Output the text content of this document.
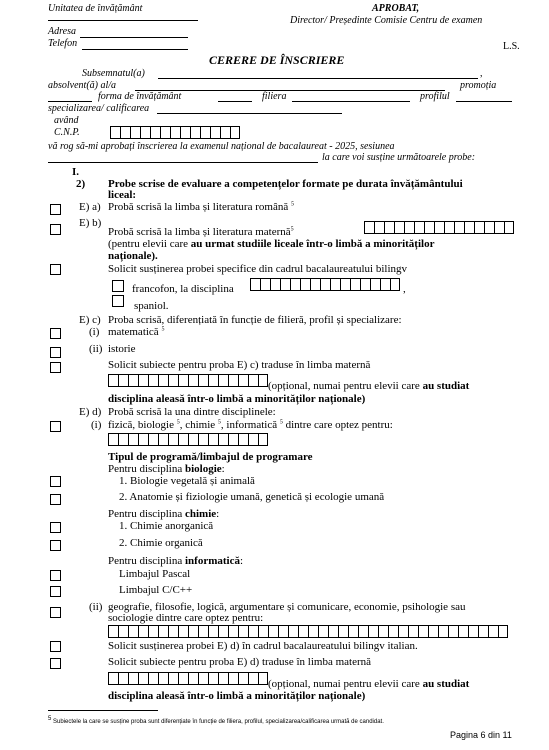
Unitatea de învățământ
Adresa
Telefon
APROBAT,
Director/ Președinte Comisie Centru de examen
L.S.
CERERE DE ÎNSCRIERE
Subsemnatul(a)	,
absolvent(ă) al/a	promoția
forma de învățământ	filiera	profilul
specializarea/ calificarea
având
C.N.P.
vă rog să-mi aprobați înscrierea la examenul național de bacalaureat - 2025, sesiunea
la care voi susține următoarele probe:
I.
2) Probe scrise de evaluare a competențelor formate pe durata învățământului
liceal:
E) a) Probă scrisă la limba și literatura română $^5$
E) b)
Probă scrisă la limba și literatura maternă$^5$
(pentru elevii care au urmat studiile liceale într-o limbă a minorităților
naționale).
Solicit susținerea probei specifice din cadrul bacalaureatului bilingv
francofon, la disciplina	,
spaniol.
E) c) Proba scrisă, diferențiată în funcție de filieră, profil și specializare:
(i) matematică $^5$
(ii) istorie
Solicit subiecte pentru proba E) c) traduse în limba maternă
(opțional, numai pentru elevii care au studiat
disciplina aleasă într-o limbă a minorităților naționale)
E) d) Probă scrisă la una dintre disciplinele:
(i) fizică, biologie $^5$, chimie $^5$, informatică $^5$ dintre care optez pentru:
Tipul de programă/limbajul de programare
Pentru disciplina biologie:
1. Biologie vegetală și animală
2. Anatomie și fiziologie umană, genetică și ecologie umană
Pentru disciplina chimie:
1. Chimie anorganică
2. Chimie organică
Pentru disciplina informatică:
Limbajul Pascal
Limbajul C/C++
(ii) geografie, filosofie, logică, argumentare și comunicare, economie, psihologie sau
sociologie dintre care optez pentru:
Solicit susținerea probei E) d) în cadrul bacalaureatului bilingv italian.
Solicit subiecte pentru proba E) d) traduse în limba maternă
(opțional, numai pentru elevii care au studiat
disciplina aleasă într-o limbă a minorităților naționale)
$^5$ Subiectele la care se susține proba sunt diferențiate în funcție de filiera, profilul, specializarea/calificarea urmată de candidat.
Pagina 6 din 11
